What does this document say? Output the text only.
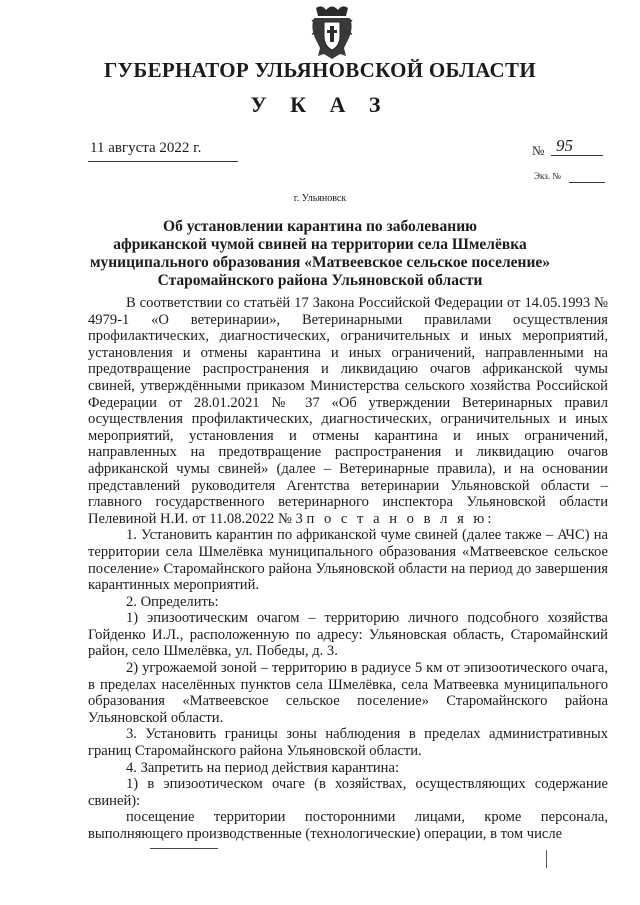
ГУБЕРНАТОР УЛЬЯНОВСКОЙ ОБЛАСТИ
У К А З
11 августа 2022 г.	№ 95
Экз. №
г. Ульяновск
Об установлении карантина по заболеванию
африканской чумой свиней на территории села Шмелёвка
муниципального образования «Матвеевское сельское поселение»
Старомайнского района Ульяновской области

В соответствии со статьёй 17 Закона Российской Федерации от 14.05.1993 № 4979-1 «О ветеринарии», Ветеринарными правилами осуществления профилактических, диагностических, ограничительных и иных мероприятий, установления и отмены карантина и иных ограничений, направленными на предотвращение распространения и ликвидацию очагов африканской чумы свиней, утверждёнными приказом Министерства сельского хозяйства Российской Федерации от 28.01.2021 № 37 «Об утверждении Ветеринарных правил осуществления профилактических, диагностических, ограничительных и иных мероприятий, установления и отмены карантина и иных ограничений, направленных на предотвращение распространения и ликвидацию очагов африканской чумы свиней» (далее – Ветеринарные правила), и на основании представлений руководителя Агентства ветеринарии Ульяновской области – главного государственного ветеринарного инспектора Ульяновской области Пелевиной Н.И. от 11.08.2022 № 3 п о с т а н о в л я ю:

1. Установить карантин по африканской чуме свиней (далее также – АЧС) на территории села Шмелёвка муниципального образования «Матвеевское сельское поселение» Старомайнского района Ульяновской области на период до завершения карантинных мероприятий.

2. Определить:

1) эпизоотическим очагом – территорию личного подсобного хозяйства Гойденко И.Л., расположенную по адресу: Ульяновская область, Старомайнский район, село Шмелёвка, ул. Победы, д. 3.

2) угрожаемой зоной – территорию в радиусе 5 км от эпизоотического очага, в пределах населённых пунктов села Шмелёвка, села Матвеевка муниципального образования «Матвеевское сельское поселение» Старомайнского района Ульяновской области.

3. Установить границы зоны наблюдения в пределах административных границ Старомайнского района Ульяновской области.

4. Запретить на период действия карантина:

1) в эпизоотическом очаге (в хозяйствах, осуществляющих содержание свиней):

посещение территории посторонними лицами, кроме персонала, выполняющего производственные (технологические) операции, в том числе
